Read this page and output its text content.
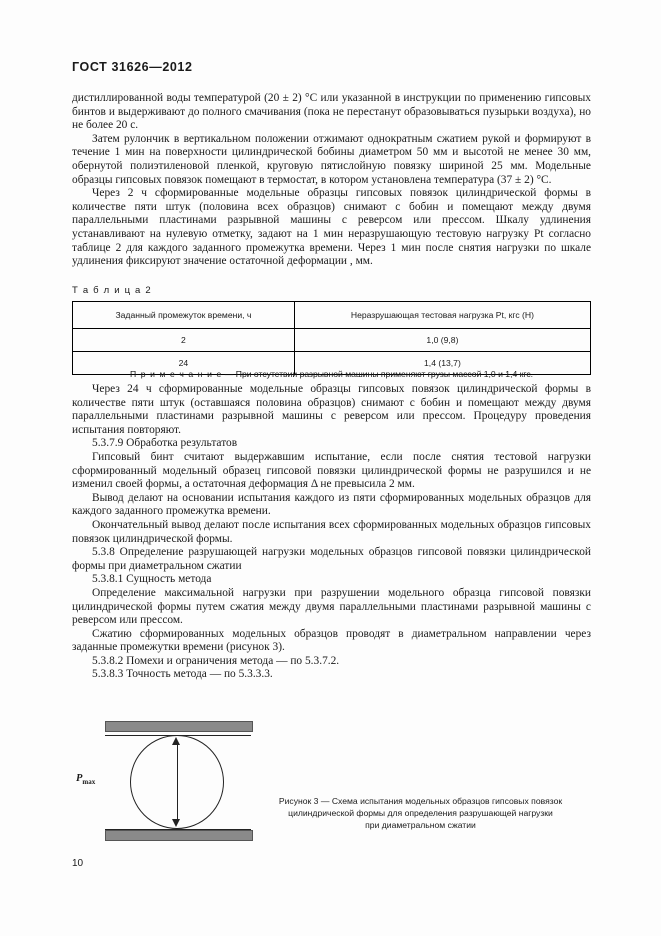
ГОСТ 31626—2012

дистиллированной воды температурой (20 ± 2) °С или указанной в инструкции по применению гипсовых бинтов и выдерживают до полного смачивания (пока не перестанут образовываться пузырьки воздуха), но не более 20 с.

Затем рулончик в вертикальном положении отжимают однократным сжатием рукой и формируют в течение 1 мин на поверхности цилиндрической бобины диаметром 50 мм и высотой не менее 30 мм, обернутой полиэтиленовой пленкой, круговую пятислойную повязку шириной 25 мм. Модельные образцы гипсовых повязок помещают в термостат, в котором установлена температура (37 ± 2) °С.

Через 2 ч сформированные модельные образцы гипсовых повязок цилиндрической формы в количестве пяти штук (половина всех образцов) снимают с бобин и помещают между двумя параллельными пластинами разрывной машины с реверсом или прессом. Шкалу удлинения устанавливают на нулевую отметку, задают на 1 мин неразрушающую тестовую нагрузку Рt согласно таблице 2 для каждого заданного промежутка времени. Через 1 мин после снятия нагрузки по шкале удлинения фиксируют значение остаточной деформации , мм.

Т а б л и ц а 2
Заданный промежуток времени, ч	Неразрушающая тестовая нагрузка Рt, кгс (Н)
2	1,0 (9,8)
24	1,4 (13,7)
П р и м е ч а н и е — При отсутствии разрывной машины применяют грузы массой 1,0 и 1,4 кгс.

Через 24 ч сформированные модельные образцы гипсовых повязок цилиндрической формы в количестве пяти штук (оставшаяся половина образцов) снимают с бобин и помещают между двумя параллельными пластинами разрывной машины с реверсом или прессом. Процедуру проведения испытания повторяют.

5.3.7.9 Обработка результатов

Гипсовый бинт считают выдержавшим испытание, если после снятия тестовой нагрузки сформированный модельный образец гипсовой повязки цилиндрической формы не разрушился и не изменил своей формы, а остаточная деформация Δ не превысила 2 мм.

Вывод делают на основании испытания каждого из пяти сформированных модельных образцов для каждого заданного промежутка времени.

Окончательный вывод делают после испытания всех сформированных модельных образцов гипсовых повязок цилиндрической формы.

5.3.8 Определение разрушающей нагрузки модельных образцов гипсовой повязки цилиндрической формы при диаметральном сжатии

5.3.8.1 Сущность метода

Определение максимальной нагрузки при разрушении модельного образца гипсовой повязки цилиндрической формы путем сжатия между двумя параллельными пластинами разрывной машины с реверсом или прессом.

Сжатию сформированных модельных образцов проводят в диаметральном направлении через заданные промежутки времени (рисунок 3).

5.3.8.2 Помехи и ограничения метода — по 5.3.7.2.

5.3.8.3 Точность метода — по 5.3.3.3.

$P_{max}$
Рисунок 3 — Схема испытания модельных образцов гипсовых повязок
цилиндрической формы для определения разрушающей нагрузки
при диаметральном сжатии
10
